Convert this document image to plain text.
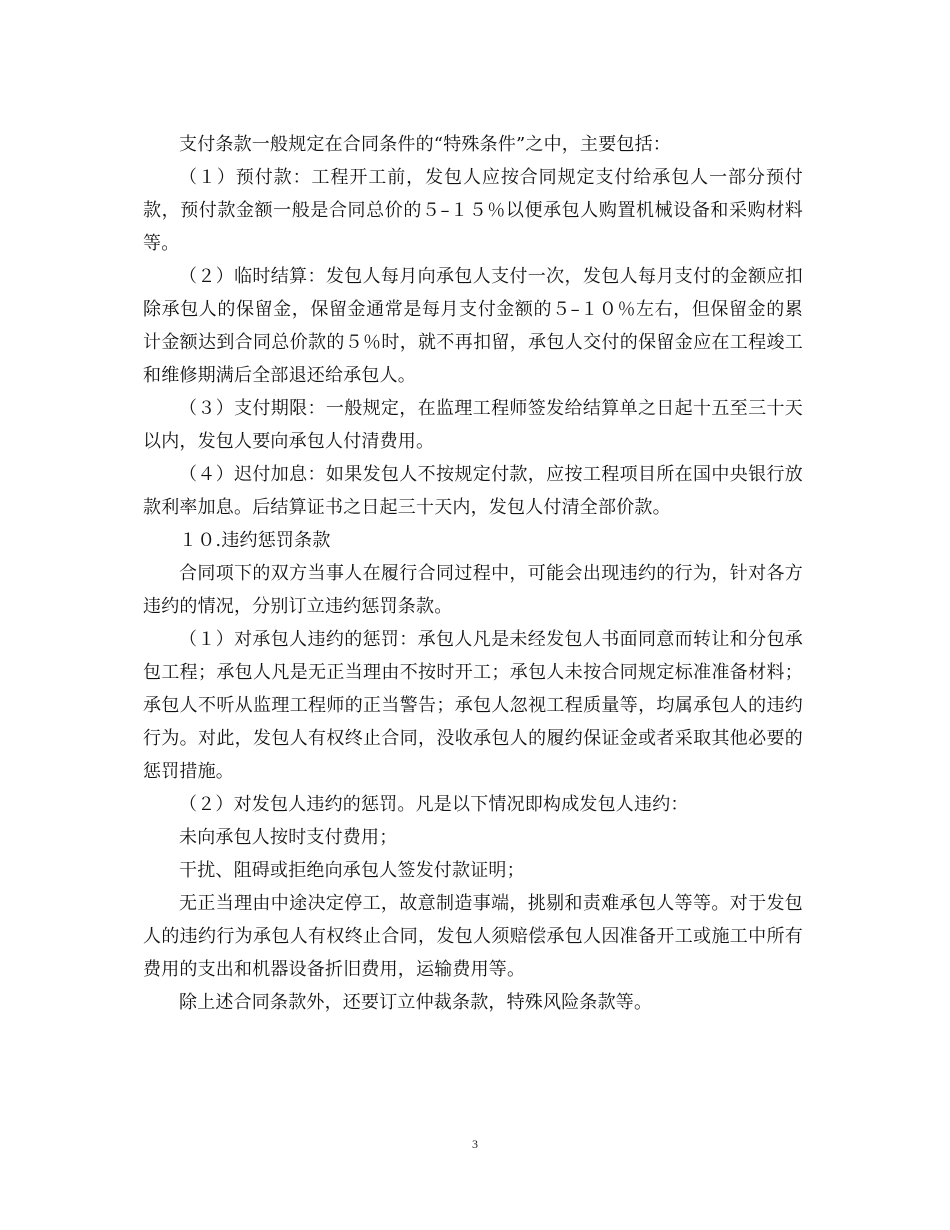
支付条款一般规定在合同条件的“特殊条件”之中，主要包括：

（１）预付款：工程开工前，发包人应按合同规定支付给承包人一部分预付款，预付款金额一般是合同总价的５–１５％以便承包人购置机械设备和采购材料等。

（２）临时结算：发包人每月向承包人支付一次，发包人每月支付的金额应扣除承包人的保留金，保留金通常是每月支付金额的５–１０％左右，但保留金的累计金额达到合同总价款的５％时，就不再扣留，承包人交付的保留金应在工程竣工和维修期满后全部退还给承包人。

（３）支付期限：一般规定，在监理工程师签发给结算单之日起十五至三十天以内，发包人要向承包人付清费用。

（４）迟付加息：如果发包人不按规定付款，应按工程项目所在国中央银行放款利率加息。后结算证书之日起三十天内，发包人付清全部价款。

１０.违约惩罚条款

合同项下的双方当事人在履行合同过程中，可能会出现违约的行为，针对各方违约的情况，分别订立违约惩罚条款。

（１）对承包人违约的惩罚：承包人凡是未经发包人书面同意而转让和分包承包工程；承包人凡是无正当理由不按时开工；承包人未按合同规定标准准备材料；承包人不听从监理工程师的正当警告；承包人忽视工程质量等，均属承包人的违约行为。对此，发包人有权终止合同，没收承包人的履约保证金或者采取其他必要的惩罚措施。

（２）对发包人违约的惩罚。凡是以下情况即构成发包人违约：

未向承包人按时支付费用；

干扰、阻碍或拒绝向承包人签发付款证明；

无正当理由中途决定停工，故意制造事端，挑剔和责难承包人等等。对于发包人的违约行为承包人有权终止合同，发包人须赔偿承包人因准备开工或施工中所有费用的支出和机器设备折旧费用，运输费用等。

除上述合同条款外，还要订立仲裁条款，特殊风险条款等。

3
